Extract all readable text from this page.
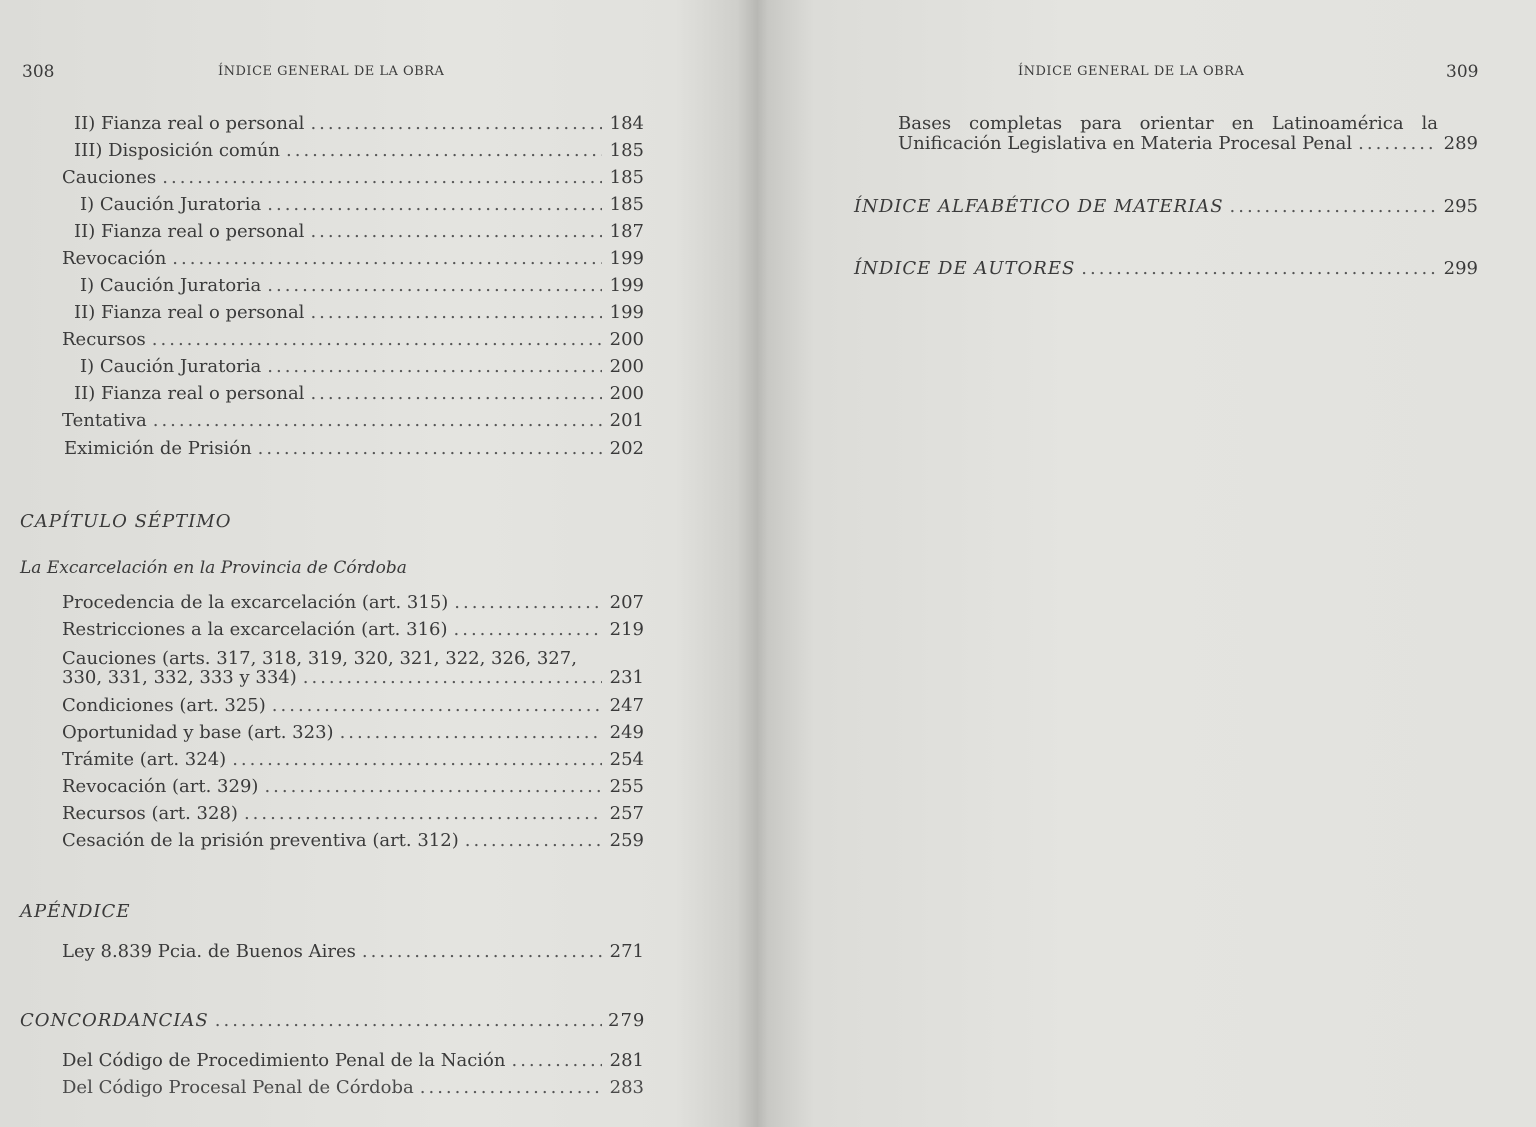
308	ÍNDICE GENERAL DE LA OBRA
II) Fianza real o personal .....	184
III) Disposición común .....	185
Cauciones .....	185
I) Caución Juratoria .....	185
II) Fianza real o personal .....	187
Revocación .....	199
I) Caución Juratoria .....	199
II) Fianza real o personal .....	199
Recursos .....	200
I) Caución Juratoria .....	200
II) Fianza real o personal .....	200
Tentativa .....	201
Eximición de Prisión .....	202
CAPÍTULO SÉPTIMO
La Excarcelación en la Provincia de Córdoba
Procedencia de la excarcelación (art. 315) .....	207
Restricciones a la excarcelación (art. 316) .....	219
Cauciones (arts. 317, 318, 319, 320, 321, 322, 326, 327,
330, 331, 332, 333 y 334) .....	231
Condiciones (art. 325) .....	247
Oportunidad y base (art. 323) .....	249
Trámite (art. 324) .....	254
Revocación (art. 329) .....	255
Recursos (art. 328) .....	257
Cesación de la prisión preventiva (art. 312) .....	259
APÉNDICE
Ley 8.839 Pcia. de Buenos Aires .....	271
CONCORDANCIAS .....	279
Del Código de Procedimiento Penal de la Nación .....	281
Del Código Procesal Penal de Córdoba .....	283
ÍNDICE GENERAL DE LA OBRA	309
Bases completas para orientar en Latinoamérica la
Unificación Legislativa en Materia Procesal Penal .....	289
ÍNDICE ALFABÉTICO DE MATERIAS .....	295
ÍNDICE DE AUTORES .....	299
